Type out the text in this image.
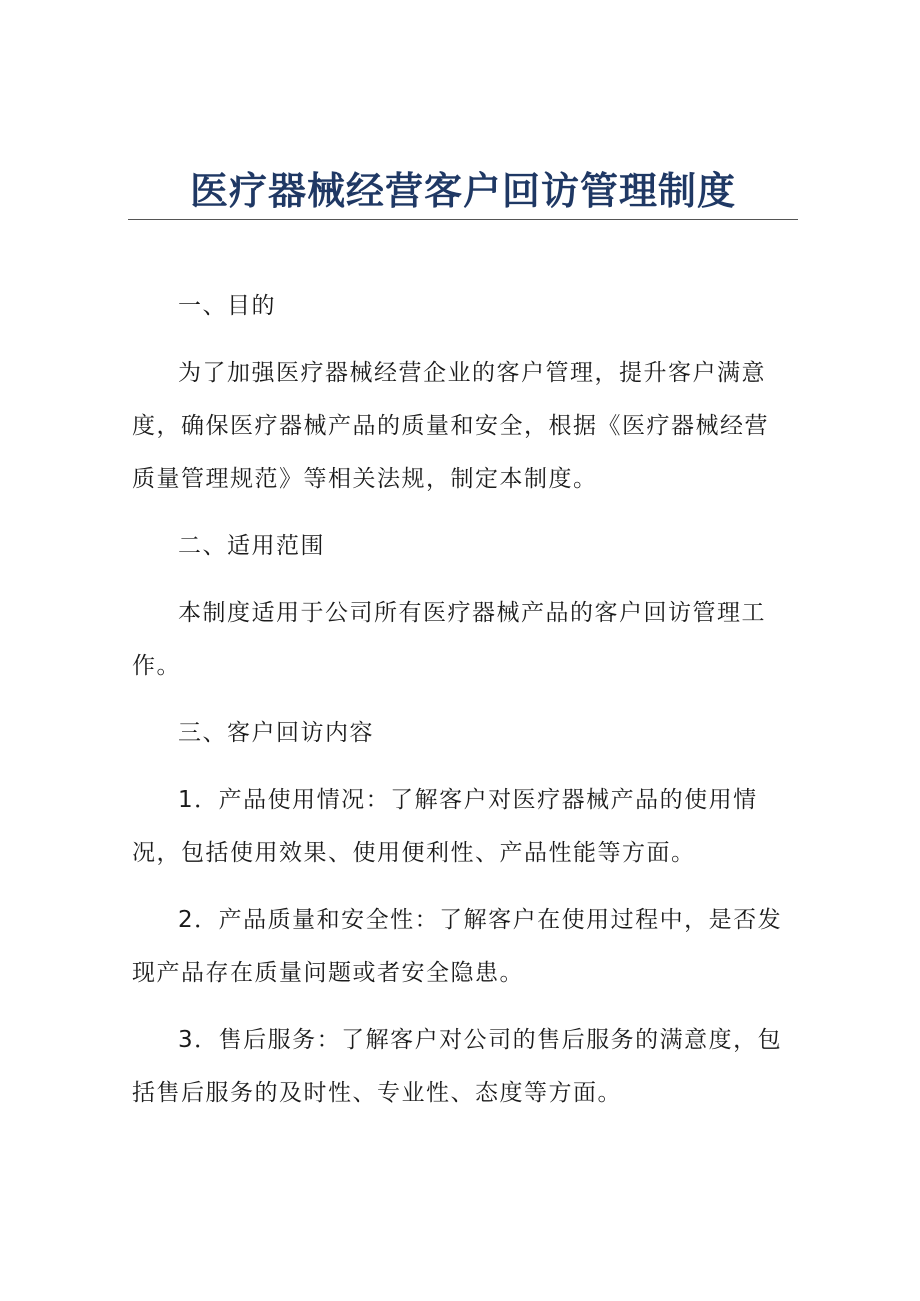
医疗器械经营客户回访管理制度

一、目的

为了加强医疗器械经营企业的客户管理，提升客户满意度，确保医疗器械产品的质量和安全，根据《医疗器械经营质量管理规范》等相关法规，制定本制度。

二、适用范围

本制度适用于公司所有医疗器械产品的客户回访管理工作。

三、客户回访内容

1．产品使用情况：了解客户对医疗器械产品的使用情况，包括使用效果、使用便利性、产品性能等方面。

2．产品质量和安全性：了解客户在使用过程中，是否发现产品存在质量问题或者安全隐患。

3．售后服务：了解客户对公司的售后服务的满意度，包括售后服务的及时性、专业性、态度等方面。
